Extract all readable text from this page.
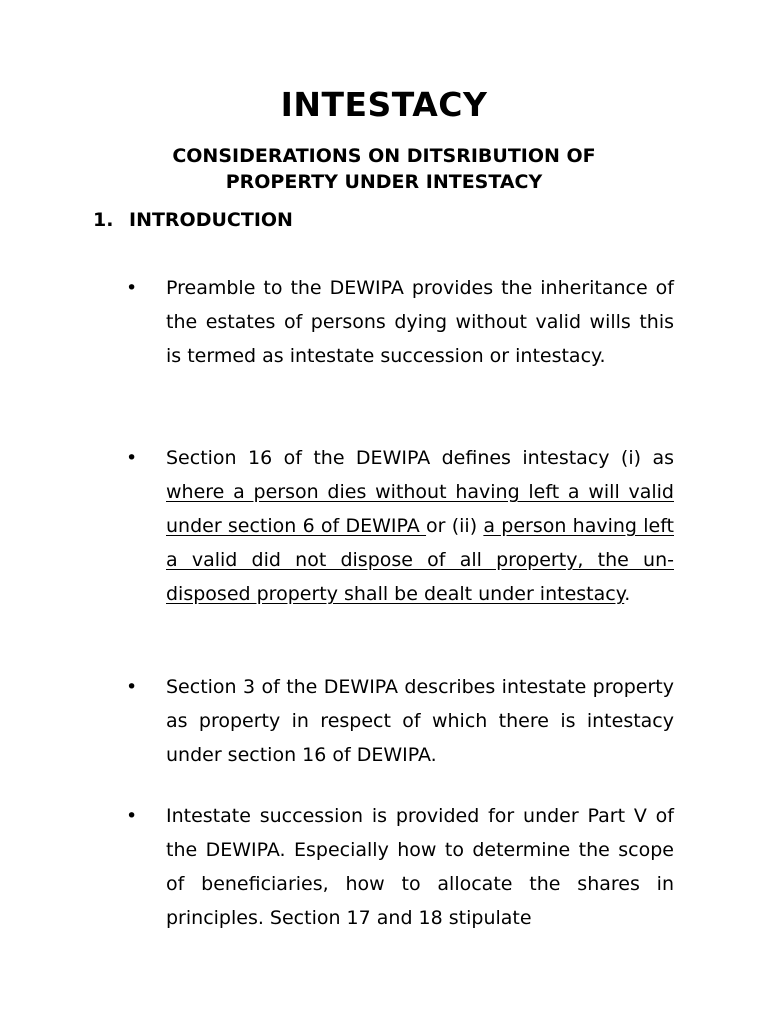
INTESTACY
CONSIDERATIONS ON DITSRIBUTION OF PROPERTY UNDER INTESTACY
1. INTRODUCTION
• Preamble to the DEWIPA provides the inheritance of the estates of persons dying without valid wills this is termed as intestate succession or intestacy.

• Section 16 of the DEWIPA defines intestacy (i) as where a person dies without having left a will valid under section 6 of DEWIPA or (ii) a person having left a valid did not dispose of all property, the un-disposed property shall be dealt under intestacy.

• Section 3 of the DEWIPA describes intestate property as property in respect of which there is intestacy under section 16 of DEWIPA.

• Intestate succession is provided for under Part V of the DEWIPA. Especially how to determine the scope of beneficiaries, how to allocate the shares in principles. Section 17 and 18 stipulate
